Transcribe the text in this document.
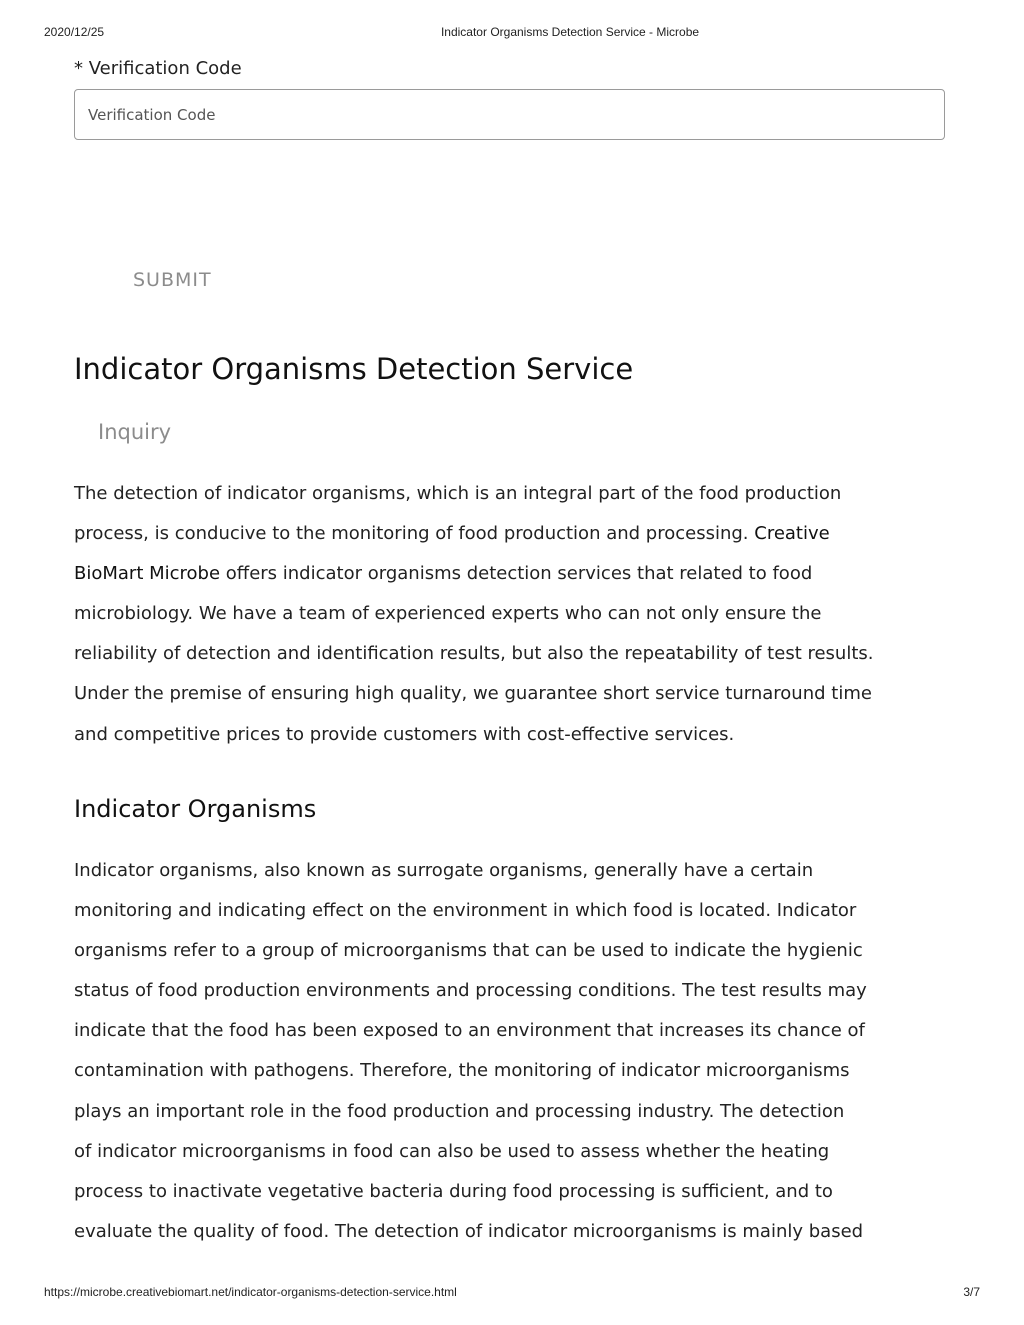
2020/12/25	Indicator Organisms Detection Service - Microbe
* Verification Code
Verification Code
SUBMIT
Indicator Organisms Detection Service
Inquiry

The detection of indicator organisms, which is an integral part of the food production
process, is conducive to the monitoring of food production and processing. Creative
BioMart Microbe offers indicator organisms detection services that related to food
microbiology. We have a team of experienced experts who can not only ensure the
reliability of detection and identification results, but also the repeatability of test results.
Under the premise of ensuring high quality, we guarantee short service turnaround time
and competitive prices to provide customers with cost-effective services.

Indicator Organisms

Indicator organisms, also known as surrogate organisms, generally have a certain
monitoring and indicating effect on the environment in which food is located. Indicator
organisms refer to a group of microorganisms that can be used to indicate the hygienic
status of food production environments and processing conditions. The test results may
indicate that the food has been exposed to an environment that increases its chance of
contamination with pathogens. Therefore, the monitoring of indicator microorganisms
plays an important role in the food production and processing industry. The detection
of indicator microorganisms in food can also be used to assess whether the heating
process to inactivate vegetative bacteria during food processing is sufficient, and to
evaluate the quality of food. The detection of indicator microorganisms is mainly based

https://microbe.creativebiomart.net/indicator-organisms-detection-service.html	3/7
